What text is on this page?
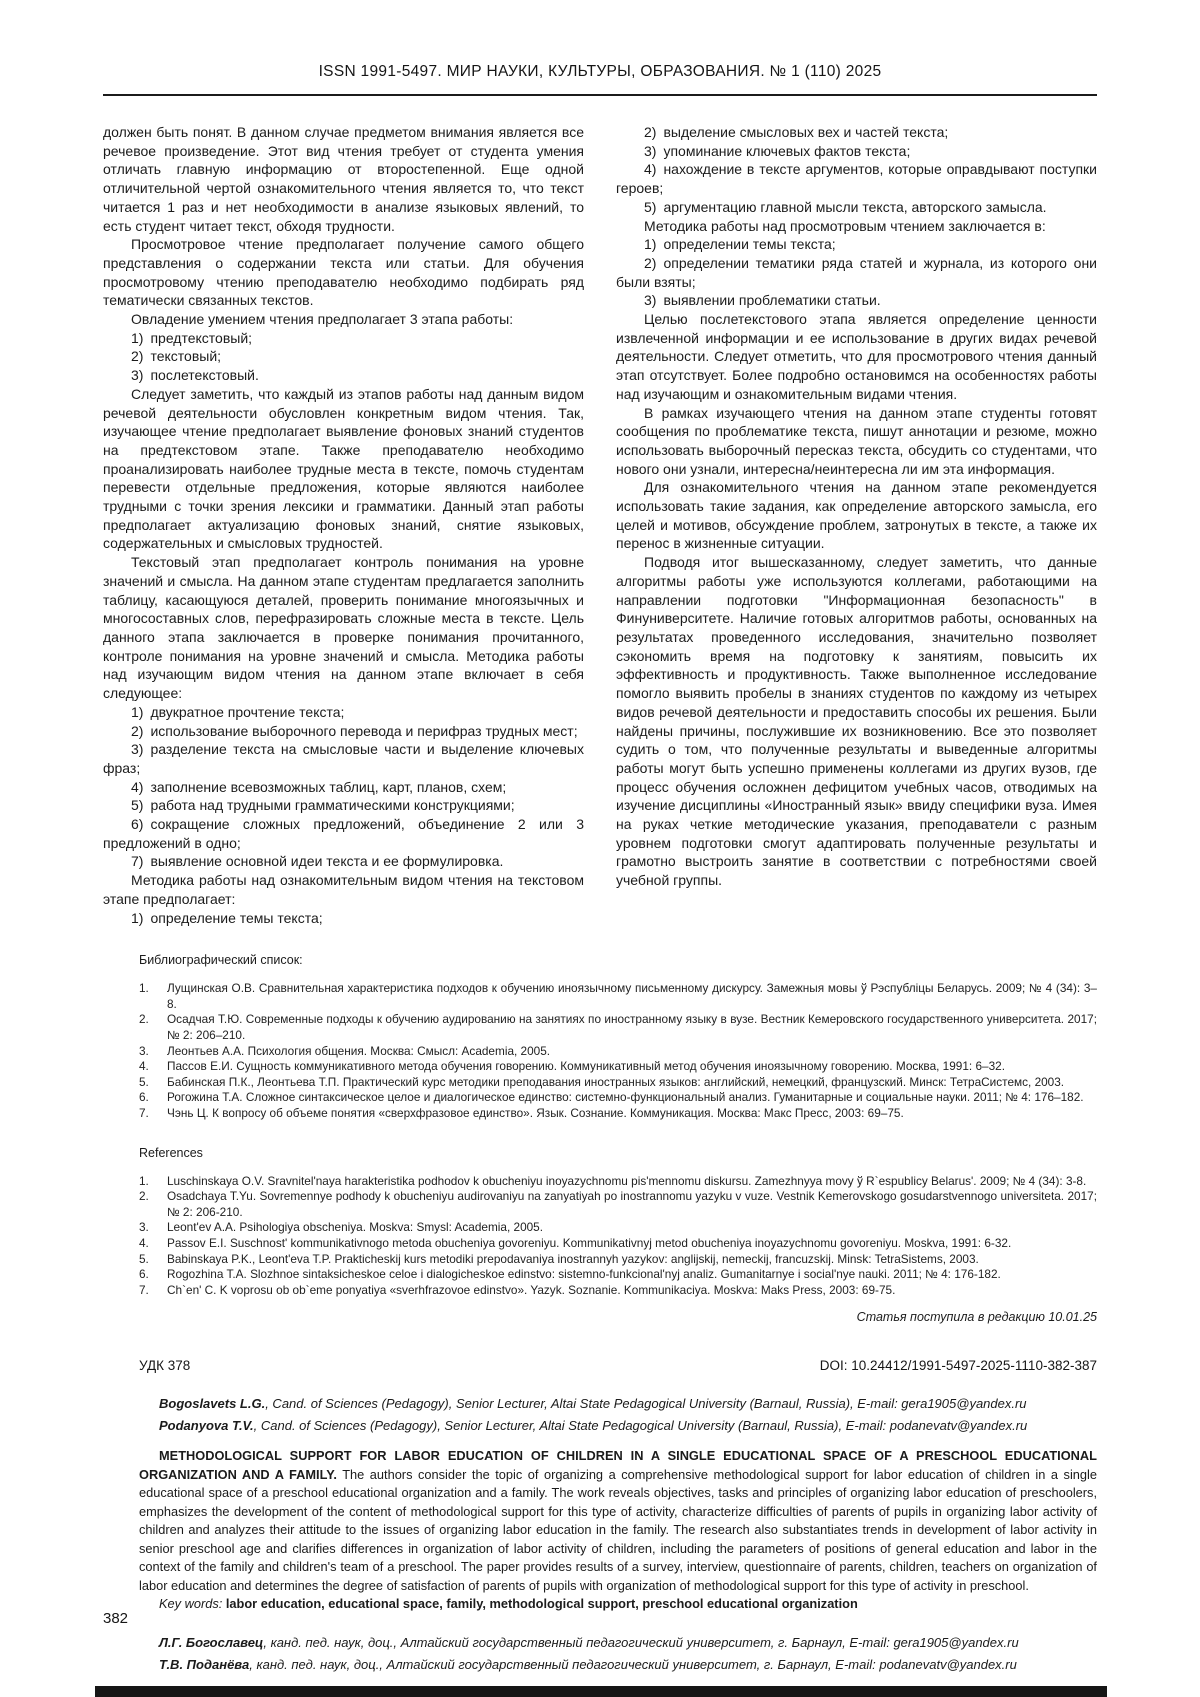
ISSN 1991-5497. МИР НАУКИ, КУЛЬТУРЫ, ОБРАЗОВАНИЯ. № 1 (110) 2025

должен быть понят. В данном случае предметом внимания является все речевое произведение. Этот вид чтения требует от студента умения отличать главную информацию от второстепенной. Еще одной отличительной чертой ознакомительного чтения является то, что текст читается 1 раз и нет необходимости в анализе языковых явлений, то есть студент читает текст, обходя трудности.

Просмотровое чтение предполагает получение самого общего представления о содержании текста или статьи. Для обучения просмотровому чтению преподавателю необходимо подбирать ряд тематически связанных текстов.

Овладение умением чтения предполагает 3 этапа работы:

1) предтекстовый;

2) текстовый;

3) послетекстовый.

Следует заметить, что каждый из этапов работы над данным видом речевой деятельности обусловлен конкретным видом чтения. Так, изучающее чтение предполагает выявление фоновых знаний студентов на предтекстовом этапе. Также преподавателю необходимо проанализировать наиболее трудные места в тексте, помочь студентам перевести отдельные предложения, которые являются наиболее трудными с точки зрения лексики и грамматики. Данный этап работы предполагает актуализацию фоновых знаний, снятие языковых, содержательных и смысловых трудностей.

Текстовый этап предполагает контроль понимания на уровне значений и смысла. На данном этапе студентам предлагается заполнить таблицу, касающуюся деталей, проверить понимание многоязычных и многосоставных слов, перефразировать сложные места в тексте. Цель данного этапа заключается в проверке понимания прочитанного, контроле понимания на уровне значений и смысла. Методика работы над изучающим видом чтения на данном этапе включает в себя следующее:

1) двукратное прочтение текста;

2) использование выборочного перевода и перифраз трудных мест;

3) разделение текста на смысловые части и выделение ключевых фраз;

4) заполнение всевозможных таблиц, карт, планов, схем;

5) работа над трудными грамматическими конструкциями;

6) сокращение сложных предложений, объединение 2 или 3 предложений в одно;

7) выявление основной идеи текста и ее формулировка.

Методика работы над ознакомительным видом чтения на текстовом этапе предполагает:

1) определение темы текста;

2) выделение смысловых вех и частей текста;

3) упоминание ключевых фактов текста;

4) нахождение в тексте аргументов, которые оправдывают поступки героев;

5) аргументацию главной мысли текста, авторского замысла.

Методика работы над просмотровым чтением заключается в:

1) определении темы текста;

2) определении тематики ряда статей и журнала, из которого они были взяты;

3) выявлении проблематики статьи.

Целью послетекстового этапа является определение ценности извлеченной информации и ее использование в других видах речевой деятельности. Следует отметить, что для просмотрового чтения данный этап отсутствует. Более подробно остановимся на особенностях работы над изучающим и ознакомительным видами чтения.

В рамках изучающего чтения на данном этапе студенты готовят сообщения по проблематике текста, пишут аннотации и резюме, можно использовать выборочный пересказ текста, обсудить со студентами, что нового они узнали, интересна/неинтересна ли им эта информация.

Для ознакомительного чтения на данном этапе рекомендуется использовать такие задания, как определение авторского замысла, его целей и мотивов, обсуждение проблем, затронутых в тексте, а также их перенос в жизненные ситуации.

Подводя итог вышесказанному, следует заметить, что данные алгоритмы работы уже используются коллегами, работающими на направлении подготовки "Информационная безопасность" в Финуниверситете. Наличие готовых алгоритмов работы, основанных на результатах проведенного исследования, значительно позволяет сэкономить время на подготовку к занятиям, повысить их эффективность и продуктивность. Также выполненное исследование помогло выявить пробелы в знаниях студентов по каждому из четырех видов речевой деятельности и предоставить способы их решения. Были найдены причины, послужившие их возникновению. Все это позволяет судить о том, что полученные результаты и выведенные алгоритмы работы могут быть успешно применены коллегами из других вузов, где процесс обучения осложнен дефицитом учебных часов, отводимых на изучение дисциплины «Иностранный язык» ввиду специфики вуза. Имея на руках четкие методические указания, преподаватели с разным уровнем подготовки смогут адаптировать полученные результаты и грамотно выстроить занятие в соответствии с потребностями своей учебной группы.

Библиографический список:
1. Лущинская О.В. Сравнительная характеристика подходов к обучению иноязычному письменному дискурсу. Замежныя мовы ў Рэспубліцы Беларусь. 2009; № 4 (34): 3–8.
2. Осадчая Т.Ю. Современные подходы к обучению аудированию на занятиях по иностранному языку в вузе. Вестник Кемеровского государственного университета. 2017; № 2: 206–210.
3. Леонтьев А.А. Психология общения. Москва: Смысл: Academia, 2005.
4. Пассов Е.И. Сущность коммуникативного метода обучения говорению. Коммуникативный метод обучения иноязычному говорению. Москва, 1991: 6–32.
5. Бабинская П.К., Леонтьева Т.П. Практический курс методики преподавания иностранных языков: английский, немецкий, французский. Минск: ТетраСистемс, 2003.
6. Рогожина Т.А. Сложное синтаксическое целое и диалогическое единство: системно-функциональный анализ. Гуманитарные и социальные науки. 2011; № 4: 176–182.
7. Чэнь Ц. К вопросу об объеме понятия «сверхфразовое единство». Язык. Сознание. Коммуникация. Москва: Макс Пресс, 2003: 69–75.
References
1. Luschinskaya O.V. Sravnitel'naya harakteristika podhodov k obucheniyu inoyazychnomu pis'mennomu diskursu. Zamezhnyya movy ў R`espublicy Belarus'. 2009; № 4 (34): 3-8.
2. Osadchaya T.Yu. Sovremennye podhody k obucheniyu audirovaniyu na zanyatiyah po inostrannomu yazyku v vuze. Vestnik Kemerovskogo gosudarstvennogo universiteta. 2017; № 2: 206-210.
3. Leont'ev A.A. Psihologiya obscheniya. Moskva: Smysl: Academia, 2005.
4. Passov E.I. Suschnost' kommunikativnogo metoda obucheniya govoreniyu. Kommunikativnyj metod obucheniya inoyazychnomu govoreniyu. Moskva, 1991: 6-32.
5. Babinskaya P.K., Leont'eva T.P. Prakticheskij kurs metodiki prepodavaniya inostrannyh yazykov: anglijskij, nemeckij, francuzskij. Minsk: TetraSistems, 2003.
6. Rogozhina T.A. Slozhnoe sintaksicheskoe celoe i dialogicheskoe edinstvo: sistemno-funkcional'nyj analiz. Gumanitarnye i social'nye nauki. 2011; № 4: 176-182.
7. Ch`en' C. K voprosu ob ob`eme ponyatiya «sverhfrazovoe edinstvo». Yazyk. Soznanie. Kommunikaciya. Moskva: Maks Press, 2003: 69-75.
Статья поступила в редакцию 10.01.25
УДК 378	DOI: 10.24412/1991-5497-2025-1110-382-387

Bogoslavets L.G., Cand. of Sciences (Pedagogy), Senior Lecturer, Altai State Pedagogical University (Barnaul, Russia), E-mail: gera1905@yandex.ru

Podanyova T.V., Cand. of Sciences (Pedagogy), Senior Lecturer, Altai State Pedagogical University (Barnaul, Russia), E-mail: podanevatv@yandex.ru

METHODOLOGICAL SUPPORT FOR LABOR EDUCATION OF CHILDREN IN A SINGLE EDUCATIONAL SPACE OF A PRESCHOOL EDUCATIONAL ORGANIZATION AND A FAMILY. The authors consider the topic of organizing a comprehensive methodological support for labor education of children in a single educational space of a preschool educational organization and a family. The work reveals objectives, tasks and principles of organizing labor education of preschoolers, emphasizes the development of the content of methodological support for this type of activity, characterize difficulties of parents of pupils in organizing labor activity of children and analyzes their attitude to the issues of organizing labor education in the family. The research also substantiates trends in development of labor activity in senior preschool age and clarifies differences in organization of labor activity of children, including the parameters of positions of general education and labor in the context of the family and children's team of a preschool. The paper provides results of a survey, interview, questionnaire of parents, children, teachers on organization of labor education and determines the degree of satisfaction of parents of pupils with organization of methodological support for this type of activity in preschool.

Key words: labor education, educational space, family, methodological support, preschool educational organization

Л.Г. Богославец, канд. пед. наук, доц., Алтайский государственный педагогический университет, г. Барнаул, E-mail: gera1905@yandex.ru

Т.В. Поданёва, канд. пед. наук, доц., Алтайский государственный педагогический университет, г. Барнаул, E-mail: podanevatv@yandex.ru

382
